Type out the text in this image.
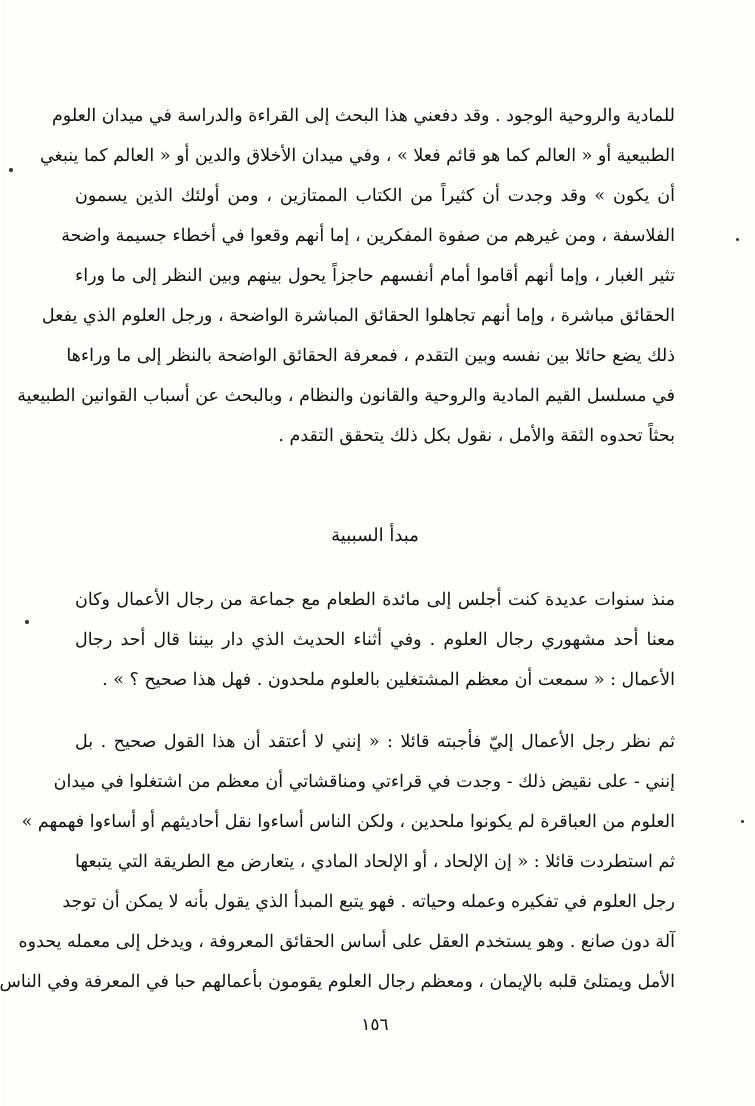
للمادية والروحية الوجود . وقد دفعني هذا البحث إلى القراءة والدراسة في ميدان العلوم
الطبيعية أو « العالم كما هو قائم فعلا » ، وفي ميدان الأخلاق والدين أو « العالم كما ينبغي
أن يكون » وقد وجدت أن كثيراً من الكتاب الممتازين ، ومن أولئك الذين يسمون
الفلاسفة ، ومن غيرهم من صفوة المفكرين ، إما أنهم وقعوا في أخطاء جسيمة واضحة
تثير الغبار ، وإما أنهم أقاموا أمام أنفسهم حاجزاً يحول بينهم وبين النظر إلى ما وراء
الحقائق مباشرة ، وإما أنهم تجاهلوا الحقائق المباشرة الواضحة ، ورجل العلوم الذي يفعل
ذلك يضع حائلا بين نفسه وبين التقدم ، فمعرفة الحقائق الواضحة بالنظر إلى ما وراءها
في مسلسل القيم المادية والروحية والقانون والنظام ، وبالبحث عن أسباب القوانين الطبيعية
بحثاً تحدوه الثقة والأمل ، نقول بكل ذلك يتحقق التقدم .
مبدأ السببية
منذ سنوات عديدة كنت أجلس إلى مائدة الطعام مع جماعة من رجال الأعمال وكان
معنا أحد مشهوري رجال العلوم . وفي أثناء الحديث الذي دار بيننا قال أحد رجال
الأعمال : « سمعت أن معظم المشتغلين بالعلوم ملحدون . فهل هذا صحيح ؟ » .
ثم نظر رجل الأعمال إليّ فأجبته قائلا : « إنني لا أعتقد أن هذا القول صحيح . بل
إنني - على نقيض ذلك - وجدت في قراءتي ومناقشاتي أن معظم من اشتغلوا في ميدان
العلوم من العباقرة لم يكونوا ملحدين ، ولكن الناس أساءوا نقل أحاديثهم أو أساءوا فهمهم »
ثم استطردت قائلا : « إن الإلحاد ، أو الإلحاد المادي ، يتعارض مع الطريقة التي يتبعها
رجل العلوم في تفكيره وعمله وحياته . فهو يتبع المبدأ الذي يقول بأنه لا يمكن أن توجد
آلة دون صانع . وهو يستخدم العقل على أساس الحقائق المعروفة ، ويدخل إلى معمله يحدوه
الأمل ويمتلئ قلبه بالإيمان ، ومعظم رجال العلوم يقومون بأعمالهم حبا في المعرفة وفي الناس
١٥٦
